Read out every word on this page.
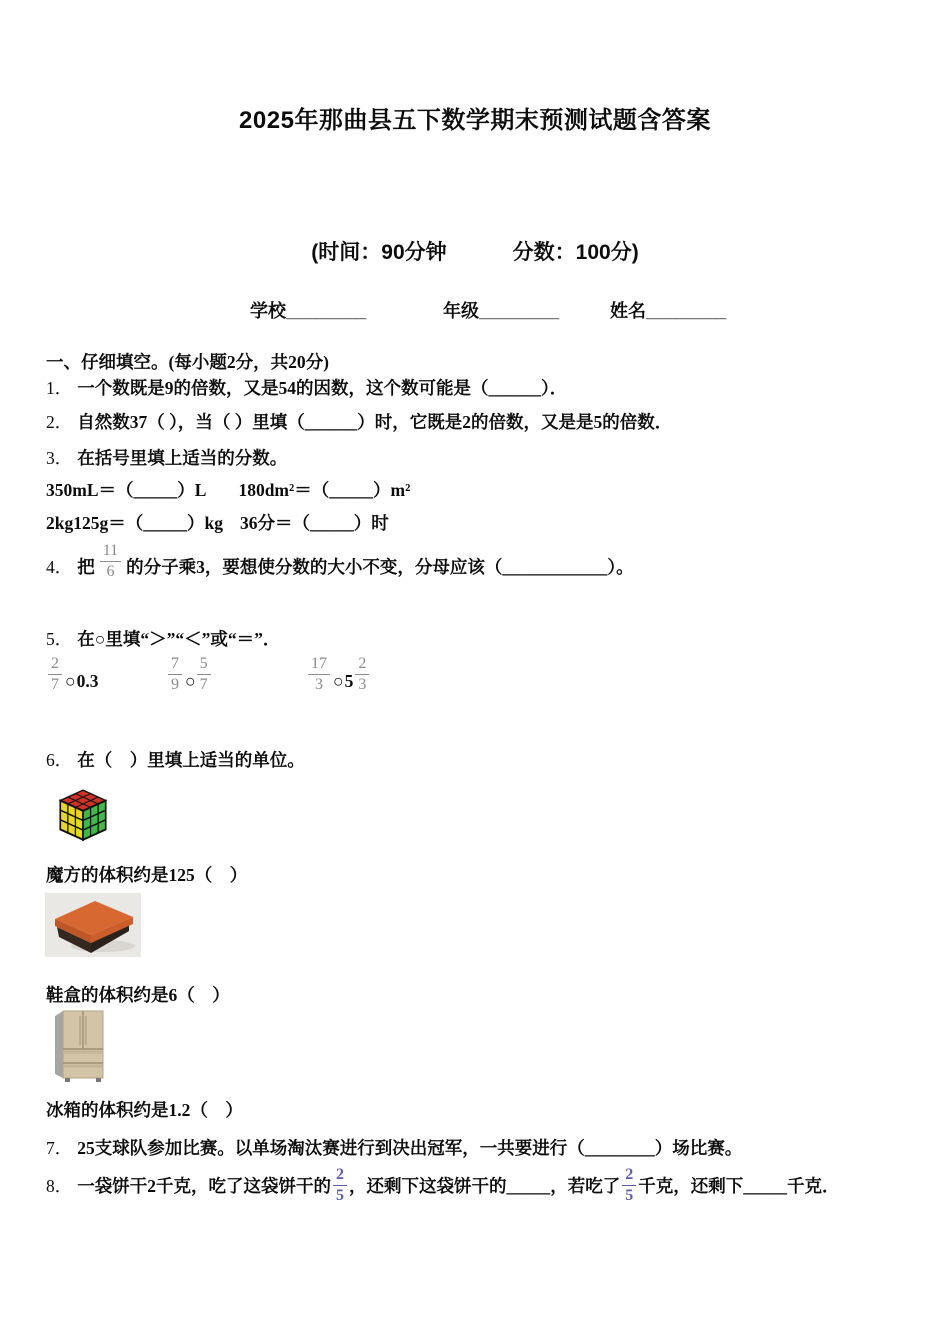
2025年那曲县五下数学期末预测试题含答案
(时间：90分钟	分数：100分)
学校________	年级________	姓名________
一、仔细填空。(每小题2分，共20分)
1． 一个数既是9的倍数，又是54的因数，这个数可能是（______）．
2． 自然数37（ ），当（ ）里填（______）时，它既是2的倍数，又是是5的倍数．
3． 在括号里填上适当的分数。
350mL＝（_____）L 180dm²＝（_____）m²
2kg125g＝（_____）kg 36分＝（_____）时
4． 把 $\frac{11}{6}$ 的分子乘3，要想使分数的大小不变，分母应该（____________）。
5． 在○里填“＞”“＜”或“＝”．
$\frac{2}{7}$ ○ 0.3	$\frac{7}{9}$ ○ $\frac{5}{7}$	$\frac{17}{3}$ ○ $5 \frac{2}{3}$
6． 在（　）里填上适当的单位。
魔方的体积约是125（　）
鞋盒的体积约是6（　）
冰箱的体积约是1.2（　）
7． 25支球队参加比赛。以单场淘汰赛进行到决出冠军，一共要进行（________）场比赛。
8． 一袋饼干2千克，吃了这袋饼干的 $\frac{2}{5}$ ，还剩下这袋饼干的_____，若吃了 $\frac{2}{5}$ 千克，还剩下_____千克．
